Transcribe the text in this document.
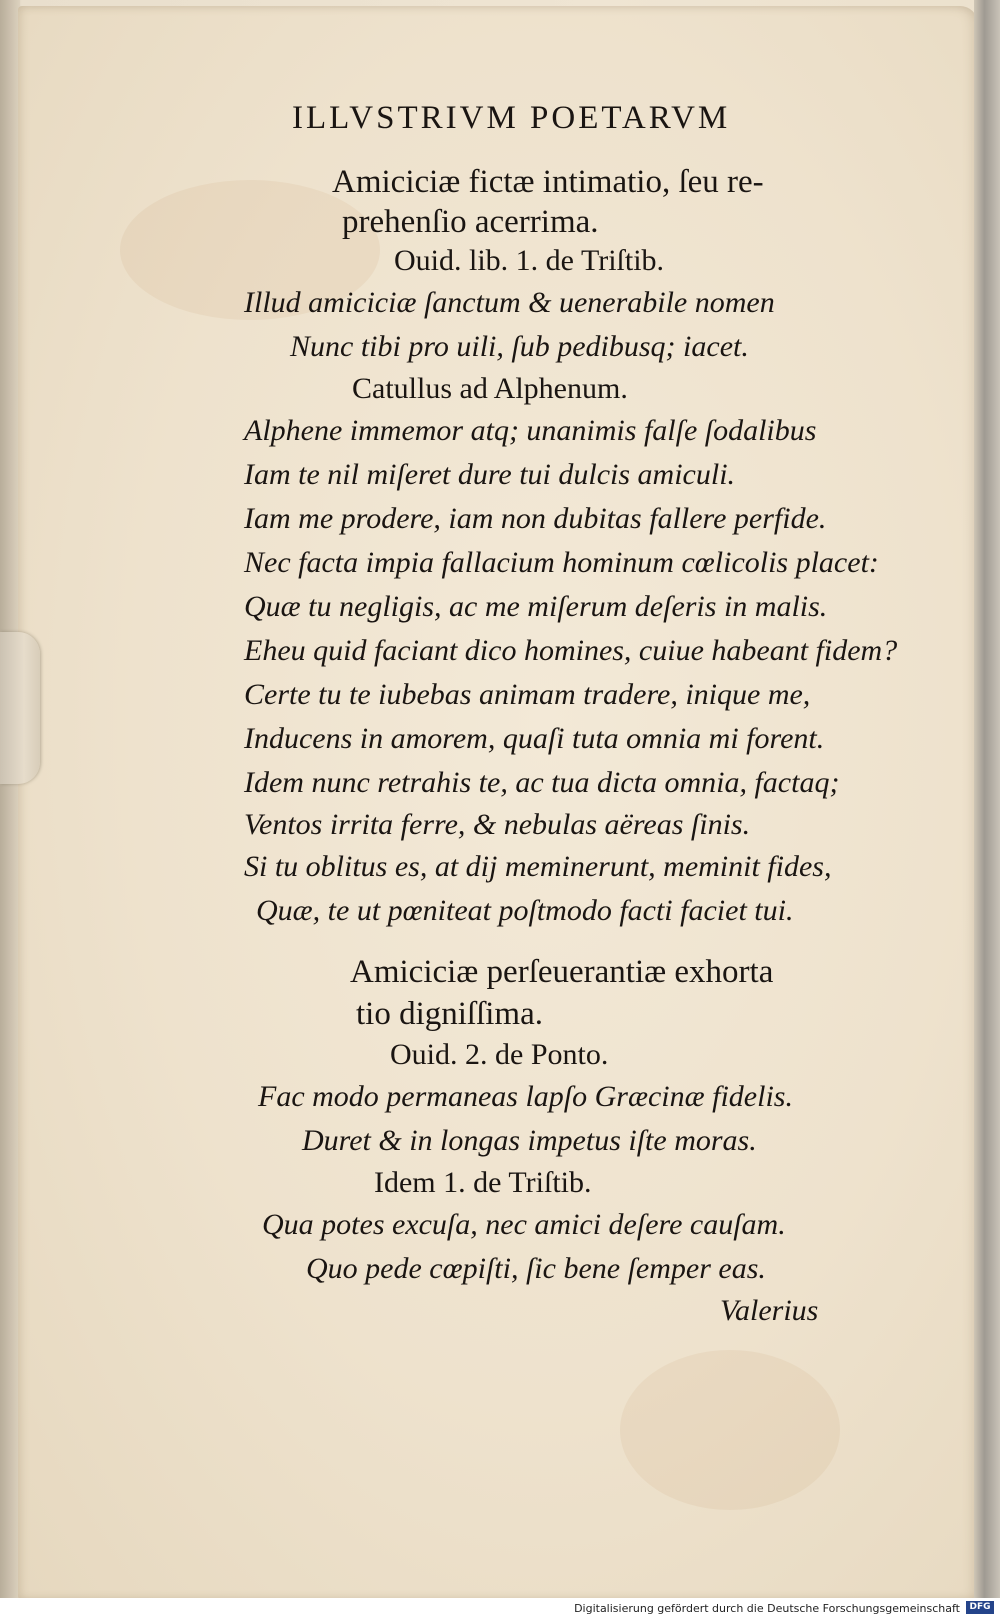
ILLVSTRIVM POETARVM
Amiciciæ fictæ intimatio, ſeu re-
prehenſio acerrima.
Ouid. lib. 1. de Triſtib.
Illud amiciciæ ſanctum & uenerabile nomen
Nunc tibi pro uili, ſub pedibusq; iacet.
Catullus ad Alphenum.
Alphene immemor atq; unanimis falſe ſodalibus
Iam te nil miſeret dure tui dulcis amiculi.
Iam me prodere, iam non dubitas fallere perfide.
Nec facta impia fallacium hominum cœlicolis placet:
Quæ tu negligis, ac me miſerum deſeris in malis.
Eheu quid faciant dico homines, cuiue habeant fidem?
Certe tu te iubebas animam tradere, inique me,
Inducens in amorem, quaſi tuta omnia mi forent.
Idem nunc retrahis te, ac tua dicta omnia, factaq;
Ventos irrita ferre, & nebulas aëreas ſinis.
Si tu oblitus es, at dij meminerunt, meminit fides,
Quæ, te ut pœniteat poſtmodo facti faciet tui.
Amiciciæ perſeuerantiæ exhorta
tio digniſſima.
Ouid. 2. de Ponto.
Fac modo permaneas lapſo Græcinæ fidelis.
Duret & in longas impetus iſte moras.
Idem 1. de Triſtib.
Qua potes excuſa, nec amici deſere cauſam.
Quo pede cœpiſti, ſic bene ſemper eas.
Valerius
Digitalisierung gefördert durch die Deutsche Forschungsgemeinschaft	DFG
